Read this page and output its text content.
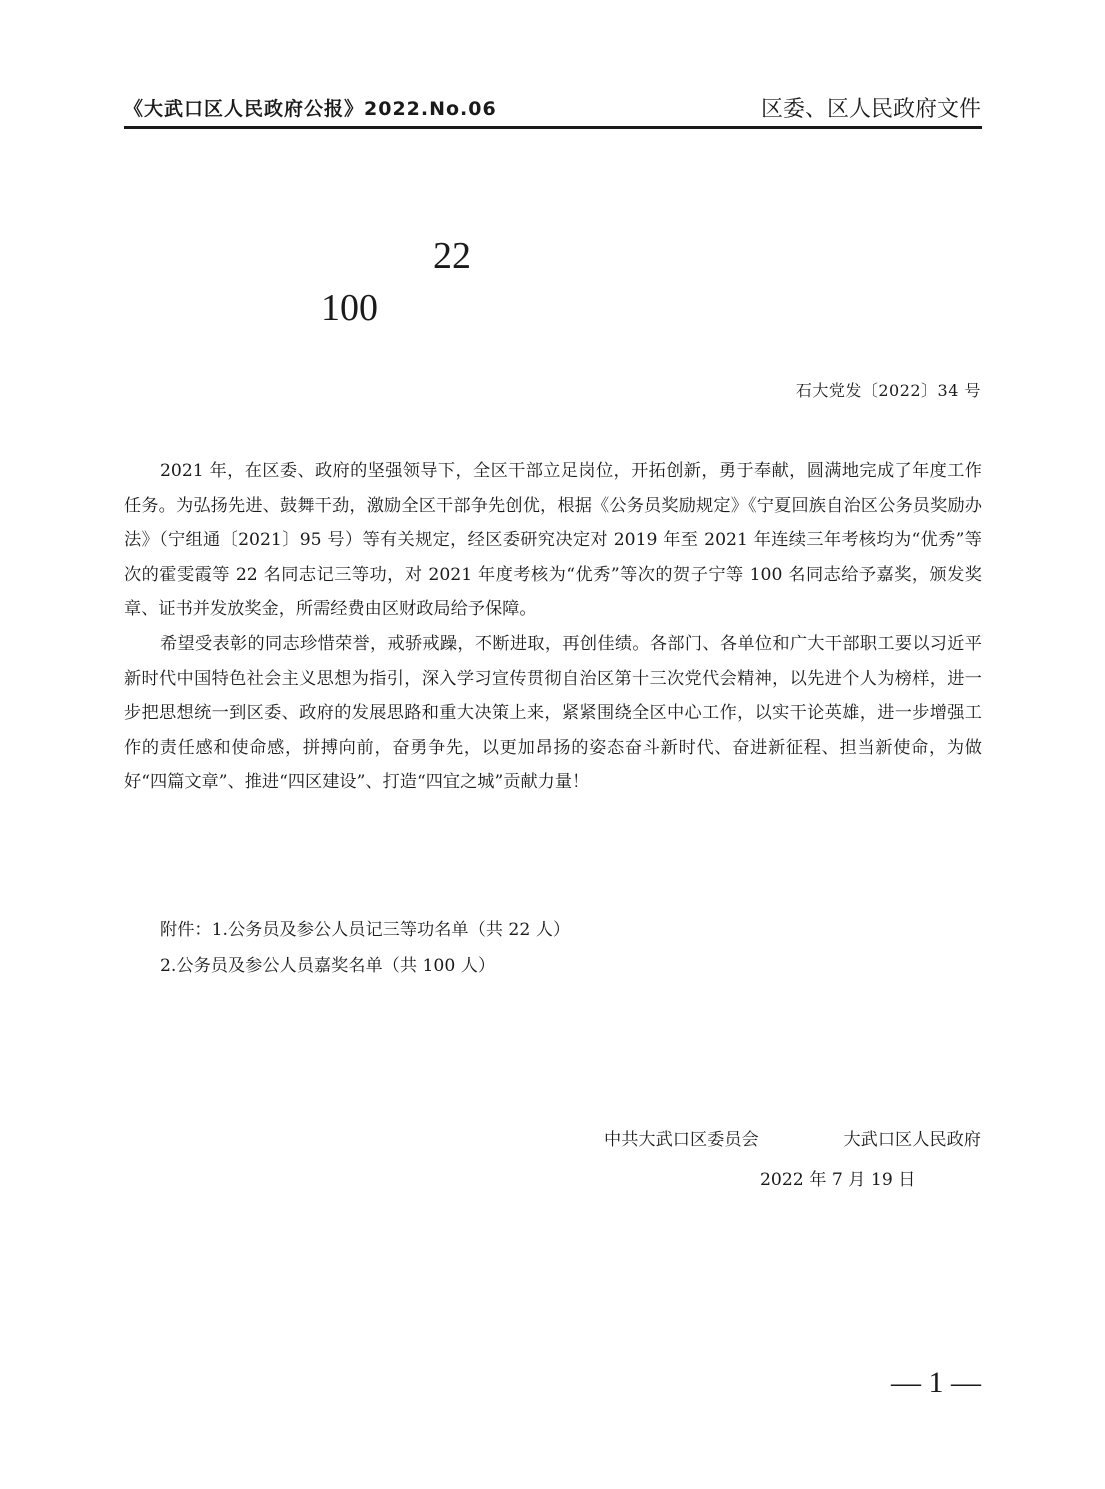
《大武口区人民政府公报》2022.No.06	区委、区人民政府文件
22
100
石大党发〔2022〕34 号

2021 年，在区委、政府的坚强领导下，全区干部立足岗位，开拓创新，勇于奉献，圆满地完成了年度工作任务。为弘扬先进、鼓舞干劲，激励全区干部争先创优，根据《公务员奖励规定》《宁夏回族自治区公务员奖励办法》（宁组通〔2021〕95 号）等有关规定，经区委研究决定对 2019 年至 2021 年连续三年考核均为“优秀”等次的霍雯霞等 22 名同志记三等功，对 2021 年度考核为“优秀”等次的贺子宁等 100 名同志给予嘉奖，颁发奖章、证书并发放奖金，所需经费由区财政局给予保障。

希望受表彰的同志珍惜荣誉，戒骄戒躁，不断进取，再创佳绩。各部门、各单位和广大干部职工要以习近平新时代中国特色社会主义思想为指引，深入学习宣传贯彻自治区第十三次党代会精神，以先进个人为榜样，进一步把思想统一到区委、政府的发展思路和重大决策上来，紧紧围绕全区中心工作，以实干论英雄，进一步增强工作的责任感和使命感，拼搏向前，奋勇争先，以更加昂扬的姿态奋斗新时代、奋进新征程、担当新使命，为做好“四篇文章”、推进“四区建设”、打造“四宜之城”贡献力量！

附件：1.公务员及参公人员记三等功名单（共 22 人）
2.公务员及参公人员嘉奖名单（共 100 人）
中共大武口区委员会	大武口区人民政府
2022 年 7 月 19 日
— 1 —
